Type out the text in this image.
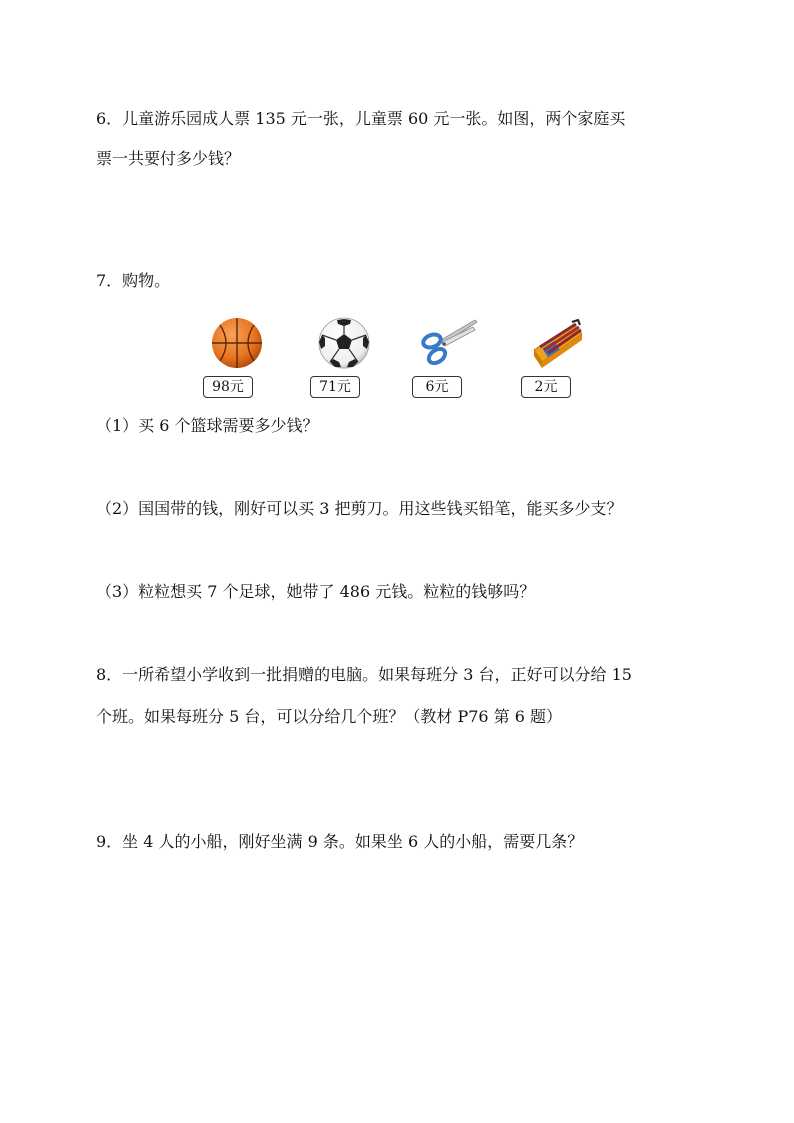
6．儿童游乐园成人票 135 元一张，儿童票 60 元一张。如图，两个家庭买
票一共要付多少钱？
7．购物。
98元	71元	6元	2元
（1）买 6 个篮球需要多少钱？
（2）国国带的钱，刚好可以买 3 把剪刀。用这些钱买铅笔，能买多少支？
（3）粒粒想买 7 个足球，她带了 486 元钱。粒粒的钱够吗？
8．一所希望小学收到一批捐赠的电脑。如果每班分 3 台，正好可以分给 15
个班。如果每班分 5 台，可以分给几个班？（教材 P76 第 6 题）
9．坐 4 人的小船，刚好坐满 9 条。如果坐 6 人的小船，需要几条？
